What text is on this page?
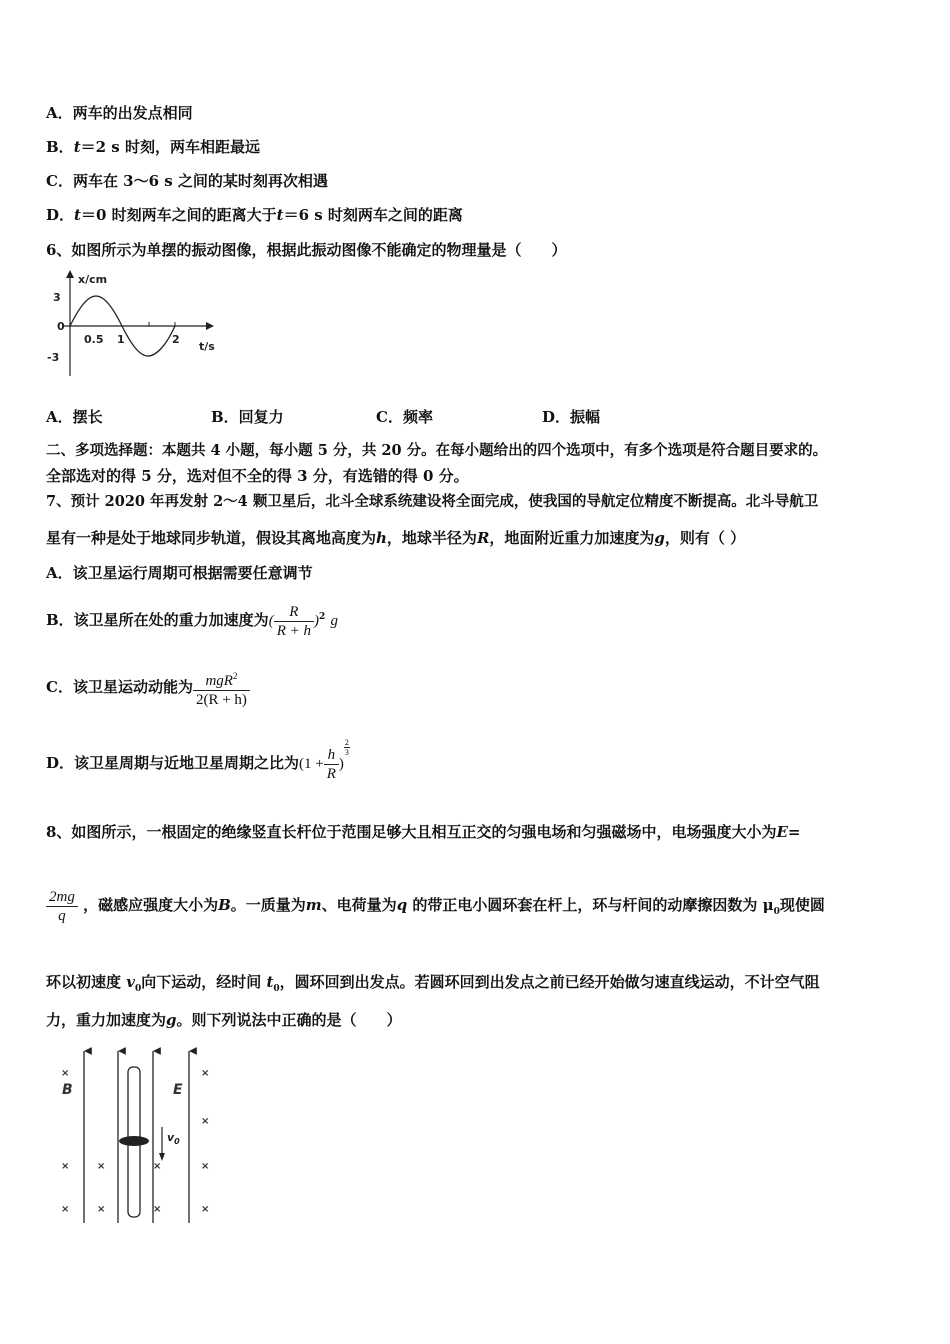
A．两车的出发点相同
B．t＝2 s 时刻，两车相距最远
C．两车在 3～6 s 之间的某时刻再次相遇
D．t＝0 时刻两车之间的距离大于t＝6 s 时刻两车之间的距离
6、如图所示为单摆的振动图像，根据此振动图像不能确定的物理量是（　　）
x/cm
t/s
3
0
-3
0.5 1	2
A．摆长	B．回复力	C．频率	D．振幅
二、多项选择题：本题共 4 小题，每小题 5 分，共 20 分。在每小题给出的四个选项中，有多个选项是符合题目要求的。
全部选对的得 5 分，选对但不全的得 3 分，有选错的得 0 分。
7、预计 2020 年再发射 2～4 颗卫星后，北斗全球系统建设将全面完成，使我国的导航定位精度不断提高。北斗导航卫
星有一种是处于地球同步轨道，假设其离地高度为h，地球半径为R，地面附近重力加速度为g，则有（ ）
A．该卫星运行周期可根据需要任意调节
B．该卫星所在处的重力加速度为( $\frac{R}{R + h} )^2$ g
C．该卫星运动动能为 $\frac{mgR^2}{2(R + h)}$
D．该卫星周期与近地卫星周期之比为($1 + \frac{h}{R}$ )
$\frac{2}{3}$
8、如图所示，一根固定的绝缘竖直长杆位于范围足够大且相互正交的匀强电场和匀强磁场中，电场强度大小为E=
$\frac{2mg}{q}$ ，磁感应强度大小为B。一质量为m、电荷量为q 的带正电小圆环套在杆上，环与杆间的动摩擦因数为 $\mu_0$现使圆
环以初速度 $v_0$向下运动，经时间 $t_0$，圆环回到出发点。若圆环回到出发点之前已经开始做匀速直线运动，不计空气阻
力，重力加速度为g。则下列说法中正确的是（　　）
$v_0$
B	E
×
×
×
×
×
×
×
×
×
×
×
